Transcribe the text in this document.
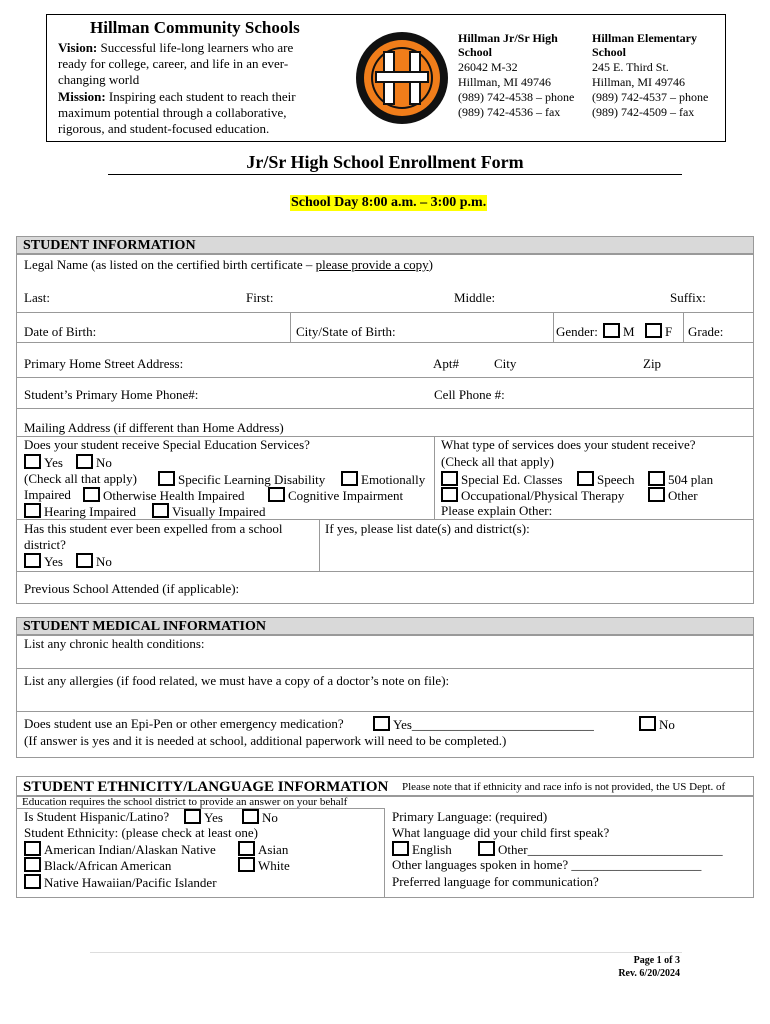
Hillman Community Schools
Vision: Successful life-long learners who are
ready for college, career, and life in an ever-
changing world
Mission: Inspiring each student to reach their
maximum potential through a collaborative,
rigorous, and student-focused education.
Hillman Jr/Sr High
School
26042 M-32
Hillman, MI 49746
(989) 742-4538 – phone
(989) 742-4536 – fax
Hillman Elementary
School
245 E. Third St.
Hillman, MI 49746
(989) 742-4537 – phone
(989) 742-4509 – fax
Jr/Sr High School Enrollment Form
School Day 8:00 a.m. – 3:00 p.m.
STUDENT INFORMATION
Legal Name (as listed on the certified birth certificate – please provide a copy)
Last:	First:	Middle:	Suffix:
Date of Birth:	City/State of Birth:	Gender:	M	F Grade:
Primary Home Street Address:	Apt#	City	Zip
Student’s Primary Home Phone#:	Cell Phone #:
Mailing Address (if different than Home Address)
Does your student receive Special Education Services?
Yes	No
(Check all that apply)	Specific Learning Disability	Emotionally
Impaired	Otherwise Health Impaired	Cognitive Impairment
Hearing Impaired	Visually Impaired
What type of services does your student receive?
(Check all that apply)
Special Ed. Classes	Speech	504 plan
Occupational/Physical Therapy	Other
Please explain Other:
Has this student ever been expelled from a school
district?
Yes	No
If yes, please list date(s) and district(s):
Previous School Attended (if applicable):
STUDENT MEDICAL INFORMATION
List any chronic health conditions:
List any allergies (if food related, we must have a copy of a doctor’s note on file):
Does student use an Epi-Pen or other emergency medication?	Yes____________________________	No
(If answer is yes and it is needed at school, additional paperwork will need to be completed.)
STUDENT ETHNICITY/LANGUAGE INFORMATION	Please note that if ethnicity and race info is not provided, the US Dept. of
Education requires the school district to provide an answer on your behalf
Is Student Hispanic/Latino?	Yes	No
Student Ethnicity: (please check at least one)
American Indian/Alaskan Native	Asian
Black/African American	White
Native Hawaiian/Pacific Islander
Primary Language: (required)
What language did your child first speak?
English	Other______________________________
Other languages spoken in home? ____________________
Preferred language for communication?
Page 1 of 3
Rev. 6/20/2024
